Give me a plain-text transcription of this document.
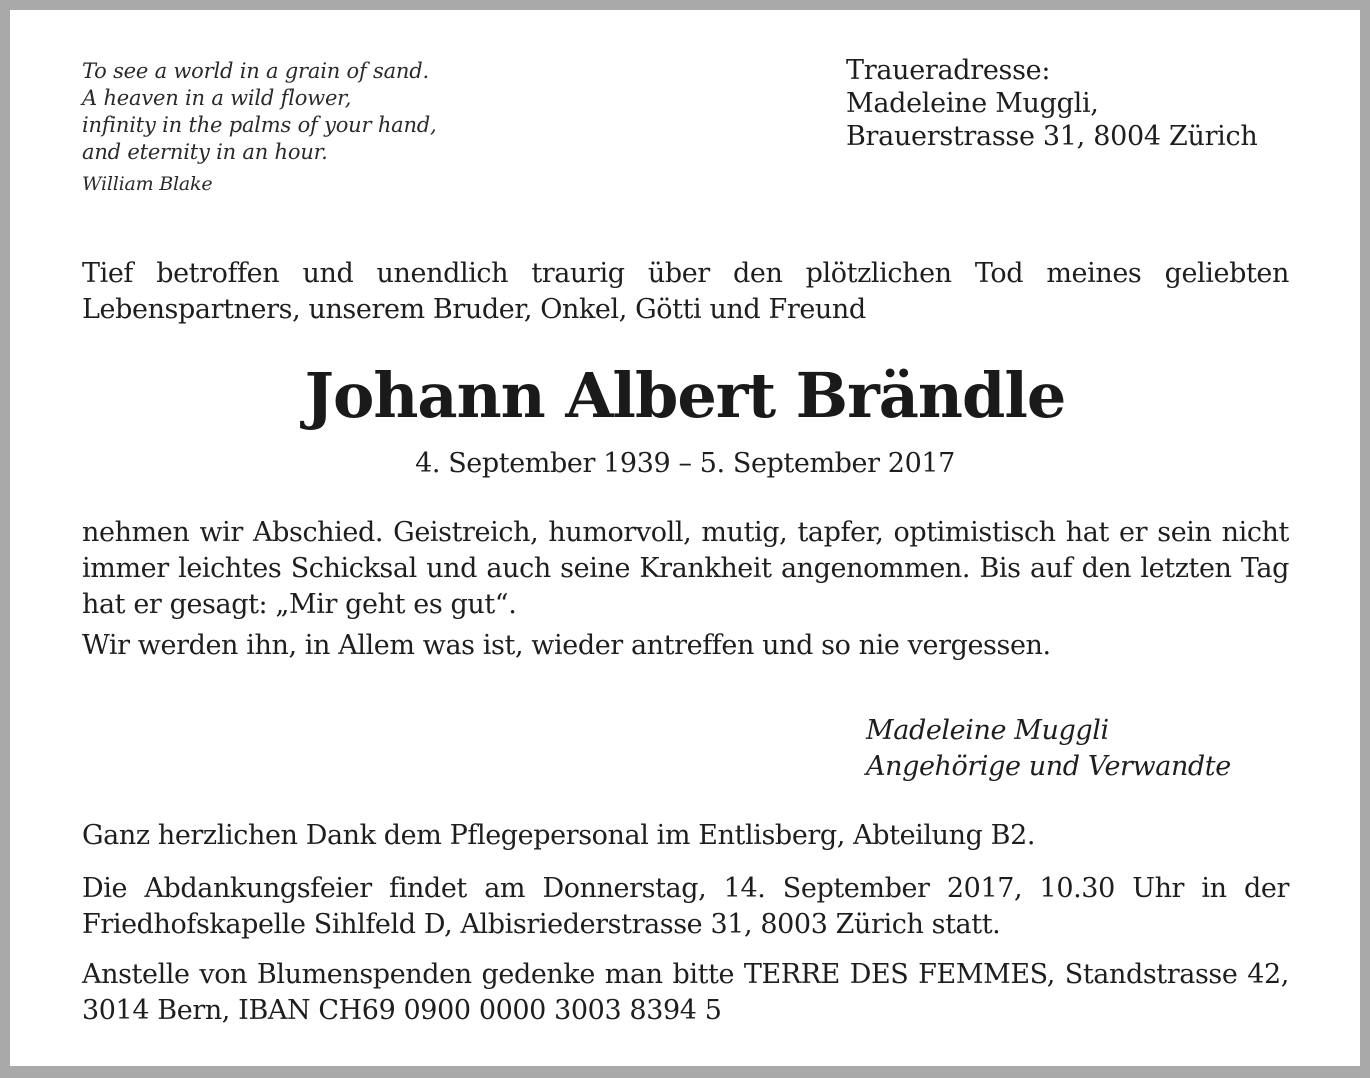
To see a world in a grain of sand.
A heaven in a wild flower,
infinity in the palms of your hand,
and eternity in an hour.
William Blake
Traueradresse:
Madeleine Muggli,
Brauerstrasse 31, 8004 Zürich
Tief betroffen und unendlich traurig über den plötzlichen Tod meines geliebten Lebenspartners, unserem Bruder, Onkel, Götti und Freund
Johann Albert Brändle
4. September 1939 – 5. September 2017
nehmen wir Abschied. Geistreich, humorvoll, mutig, tapfer, optimistisch hat er sein nicht immer leichtes Schicksal und auch seine Krankheit angenommen. Bis auf den letzten Tag hat er gesagt: „Mir geht es gut“.
Wir werden ihn, in Allem was ist, wieder antreffen und so nie vergessen.
Madeleine Muggli
Angehörige und Verwandte
Ganz herzlichen Dank dem Pflegepersonal im Entlisberg, Abteilung B2.
Die Abdankungsfeier findet am Donnerstag, 14. September 2017, 10.30 Uhr in der Friedhofskapelle Sihlfeld D, Albisriederstrasse 31, 8003 Zürich statt.
Anstelle von Blumenspenden gedenke man bitte TERRE DES FEMMES, Standstrasse 42, 3014 Bern, IBAN CH69 0900 0000 3003 8394 5
